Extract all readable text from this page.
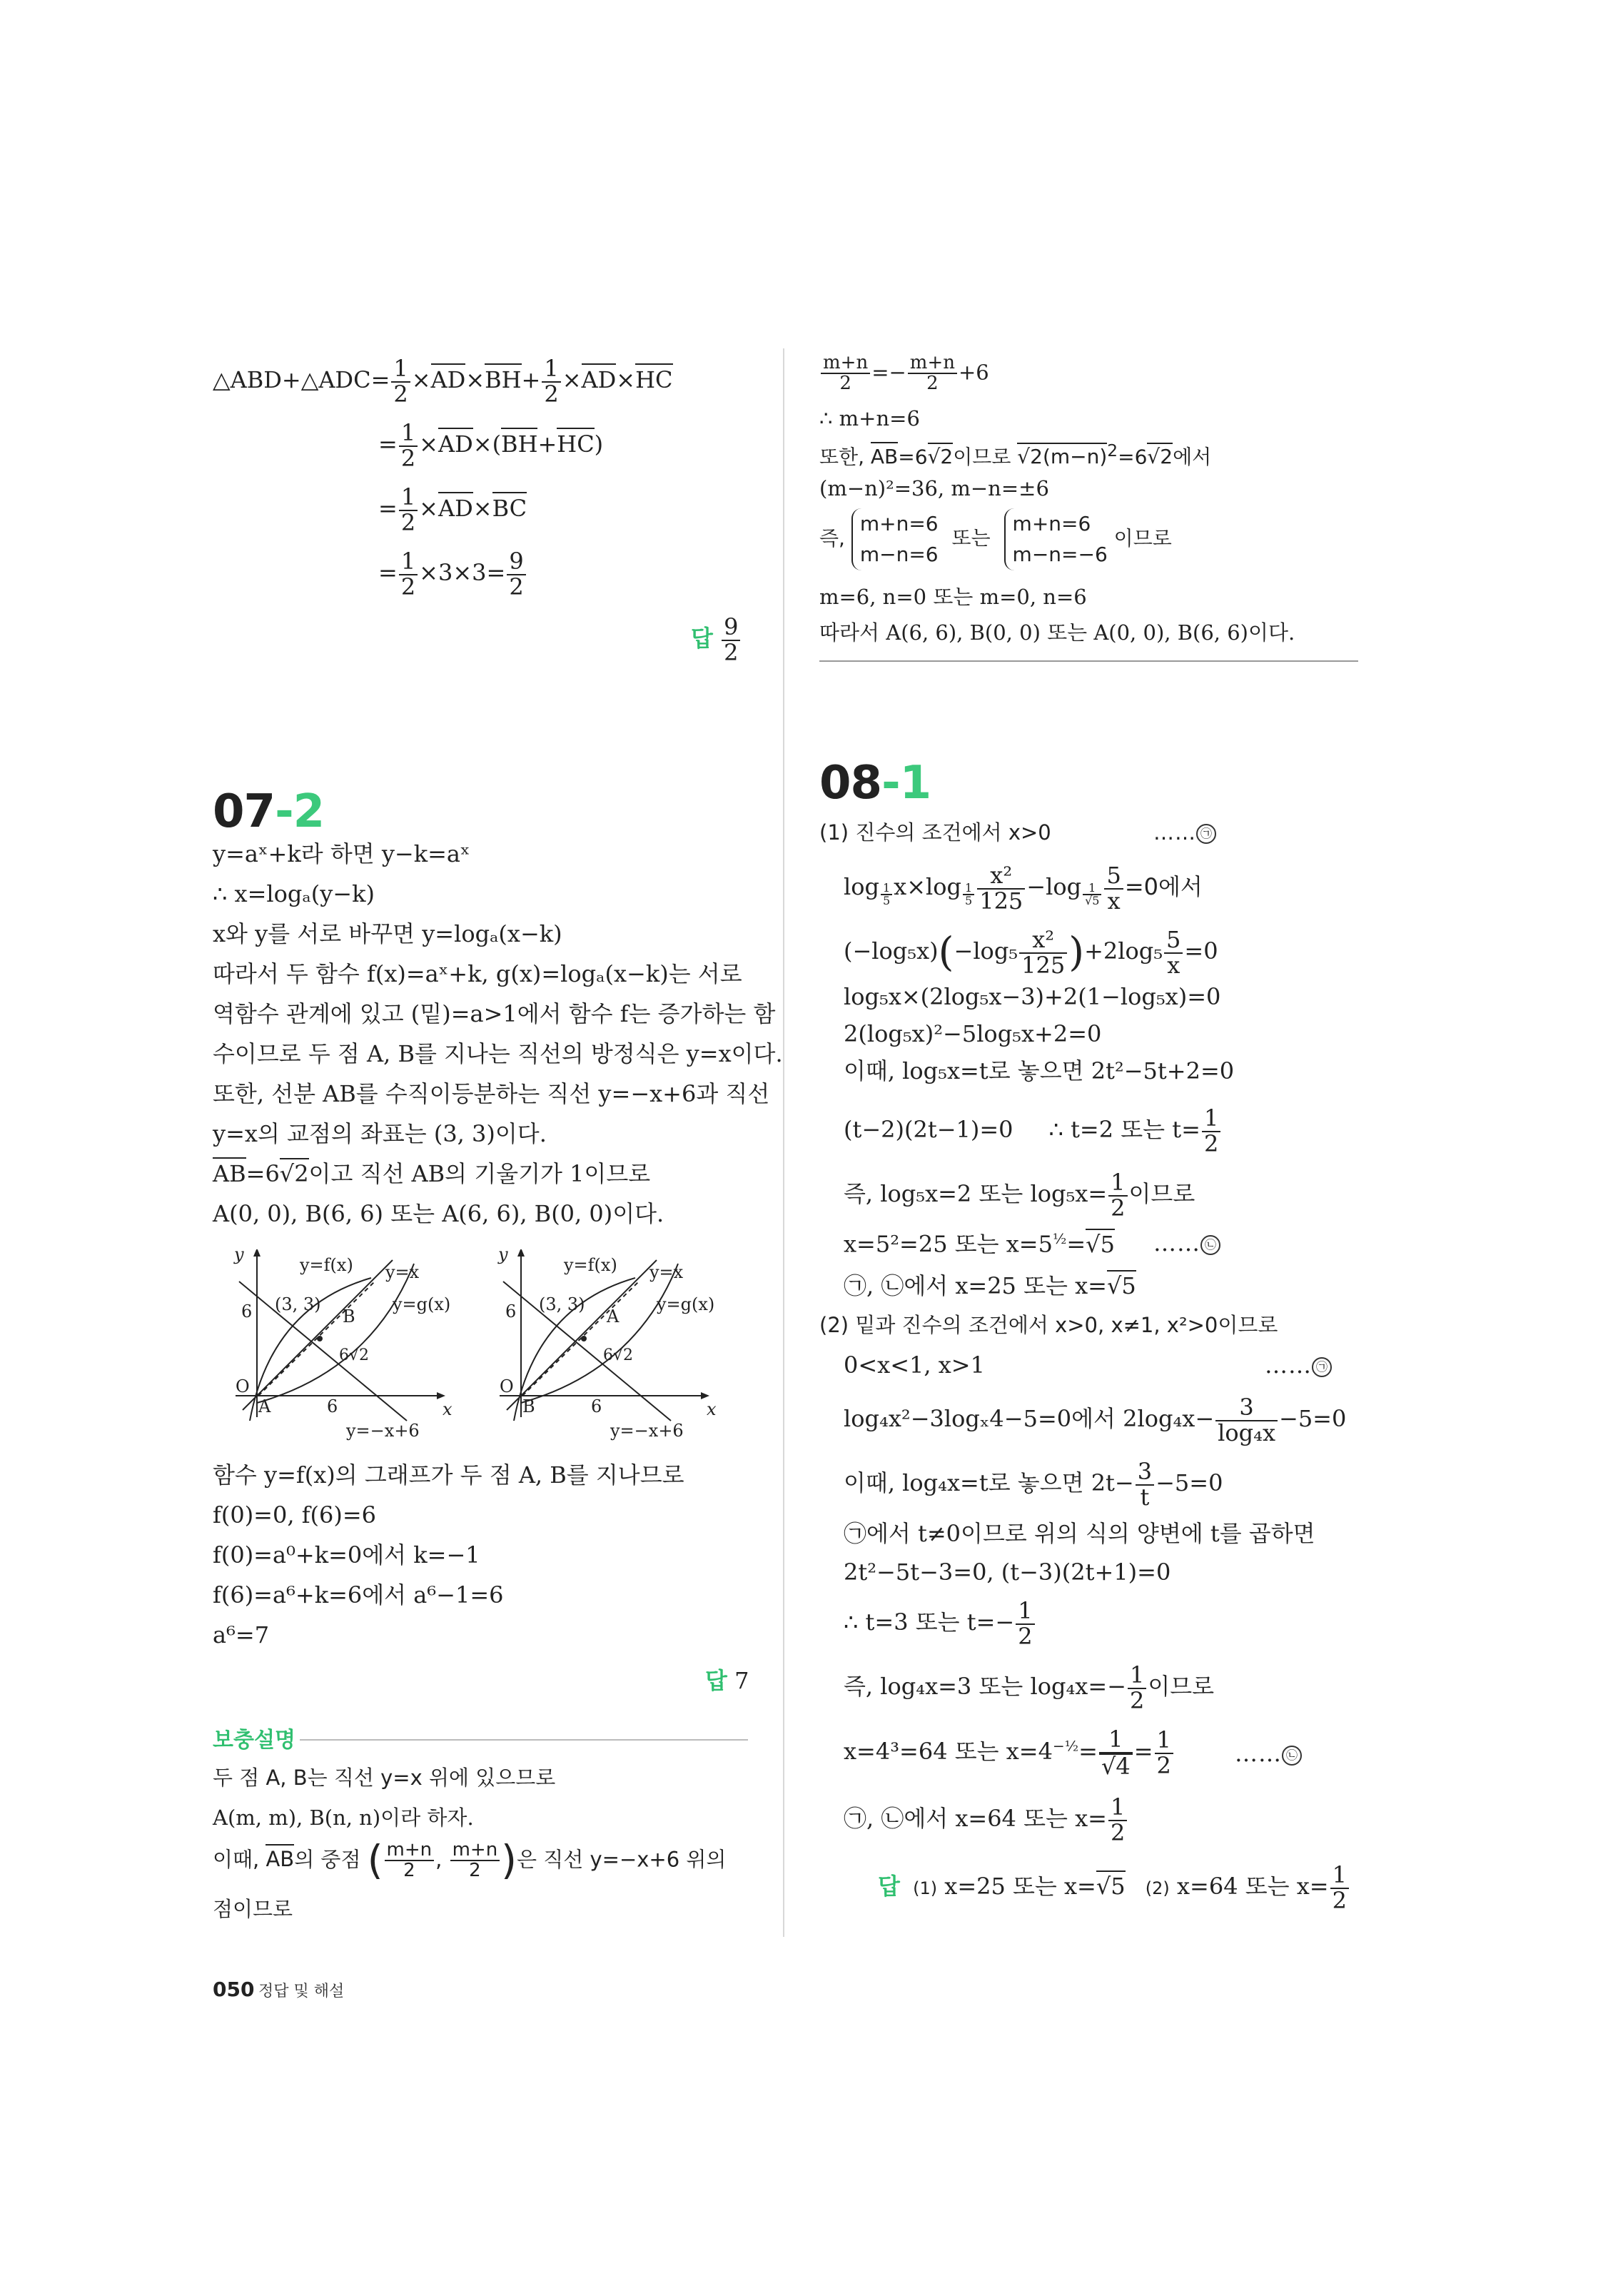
△ABD+△ADC= $\frac{1}{2} \times AD\times BH+ \frac{1}{2} \times AD\times HC$
= $\frac{1}{2} \times AD\times(BH+HC)$
= $\frac{1}{2} \times AD\times BC$
= $\frac{1}{2} \times 3\times 3= \frac{9}{2}$
답 $\frac{9}{2}$
07-2
y=aˣ+k라 하면 y−k=aˣ
∴ x=logₐ(y−k)
x와 y를 서로 바꾸면 y=logₐ(x−k)
따라서 두 함수 f(x)=aˣ+k, g(x)=logₐ(x−k)는 서로
역함수 관계에 있고 (밑)=a>1에서 함수 f는 증가하는 함
수이므로 두 점 A, B를 지나는 직선의 방정식은 y=x이다.
또한, 선분 AB를 수직이등분하는 직선 y=−x+6과 직선
y=x의 교점의 좌표는 (3, 3)이다.
AB=6 √ 2이고 직선 AB의 기울기가 1이므로
A(0, 0), B(6, 6) 또는 A(6, 6), B(0, 0)이다.
y
x
y=f(x) y=x
y=g(x)
(3, 3)
6	B
6√2
O
A	6
y=−x+6
y
x
y=f(x) y=x
y=g(x)
(3, 3)
6	A
6√2
O
B	6
y=−x+6
함수 y=f(x)의 그래프가 두 점 A, B를 지나므로
f(0)=0, f(6)=6
f(0)=a⁰+k=0에서 k=−1
f(6)=a⁶+k=6에서 a⁶−1=6
a⁶=7
답 7
보충설명
두 점 A, B는 직선 y=x 위에 있으므로
A(m, m), B(n, n)이라 하자.
이때, AB의 중점 ( $\frac{m+n}{2}$ , $\frac{m+n}{2}$ )은 직선 y=−x+6 위의
점이므로
$\frac{m+n}{2} =- \frac{m+n}{2} +6$
∴ m+n=6
또한, AB=6 √ 2이므로 √ $2(m-n)^2=6$ √ 2에서
(m−n)²=36, m−n=±6
즉, m+n=6
m−n=6 또는 m+n=6
m−n=−6 이므로
m=6, n=0 또는 m=0, n=6
따라서 A(6, 6), B(0, 0) 또는 A(0, 0), B(6, 6)이다.
08-1
(1) 진수의 조건에서 x>0	…… ㉠
log $_{\frac{1}{5}}$ x×log $_{\frac{1}{5}} \frac{\text{x²}}{125} -\log$ $_{\frac{1}{√5}} \frac{5}{x} =0$에서
$(-\log_5x)(-\log_5 \frac{\text{x²}}{125} )+2\log_5 \frac{5}{x} =0$
log₅x×(2log₅x−3)+2(1−log₅x)=0
2(log₅x)²−5log₅x+2=0
이때, log₅x=t로 놓으면 2t²−5t+2=0
(t−2)(2t−1)=0 ∴ t=2 또는 $t= \frac{1}{2}$
즉, log₅x=2 또는 $\log_5x= \frac{1}{2}$ 이므로
x=5²=25 또는 $x=5^{\frac{1}{2}}=$ √ 5 …… ㉡
㉠, ㉡에서 x=25 또는 x= √ 5
(2) 밑과 진수의 조건에서 x>0, x≠1, x²>0이므로
0<x<1, x>1	…… ㉠
log₄x²−3logₓ4−5=0에서 $2\log_4x- \frac{3}{\text{log₄x}} -5=0$
이때, log₄x=t로 놓으면 $2t- \frac{3}{t} -5=0$
㉠에서 t≠0이므로 위의 식의 양변에 t를 곱하면
2t²−5t−3=0, (t−3)(2t+1)=0
∴ t=3 또는 $t=- \frac{1}{2}$
즉, log₄x=3 또는 $\log_4x=- \frac{1}{2}$ 이므로
x=4³=64 또는 $x=4^{-\frac{1}{2}}= 1$
√ $4 = \frac{1}{2}$	…… ㉡
㉠, ㉡에서 x=64 또는 $x= \frac{1}{2}$
답 (1) x=25 또는 x= √ 5 (2) x=64 또는 $x= \frac{1}{2}$
050 정답 및 해설
